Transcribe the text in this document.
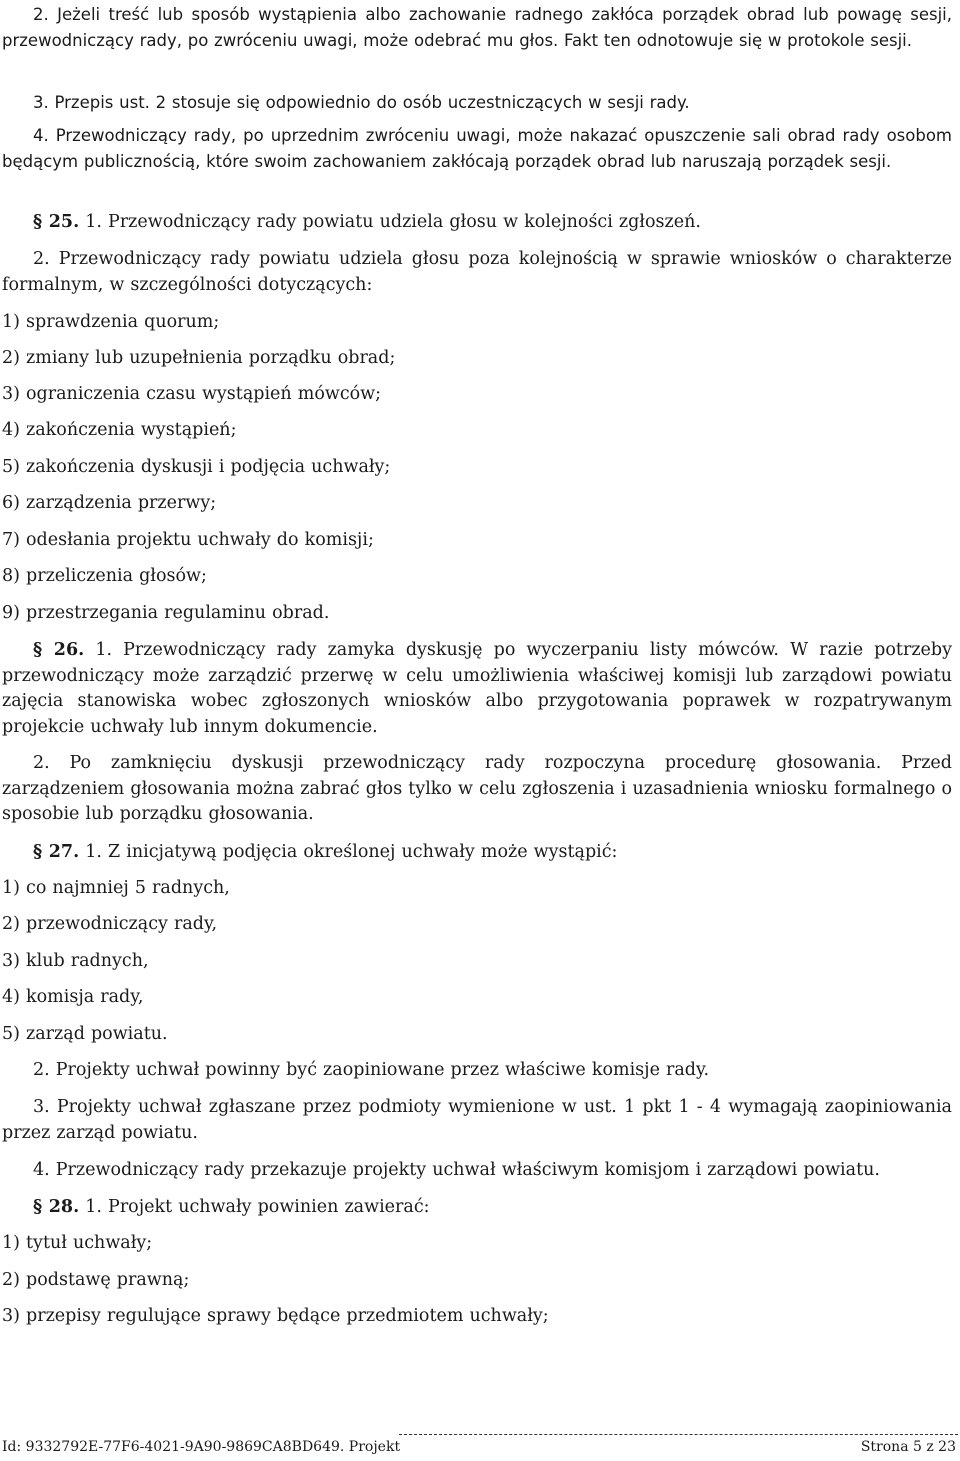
2. Jeżeli treść lub sposób wystąpienia albo zachowanie radnego zakłóca porządek obrad lub powagę sesji, przewodniczący rady, po zwróceniu uwagi, może odebrać mu głos. Fakt ten odnotowuje się w protokole sesji.

3. Przepis ust. 2 stosuje się odpowiednio do osób uczestniczących w sesji rady.

4. Przewodniczący rady, po uprzednim zwróceniu uwagi, może nakazać opuszczenie sali obrad rady osobom będącym publicznością, które swoim zachowaniem zakłócają porządek obrad lub naruszają porządek sesji.

§ 25. 1. Przewodniczący rady powiatu udziela głosu w kolejności zgłoszeń.

2. Przewodniczący rady powiatu udziela głosu poza kolejnością w sprawie wniosków o charakterze formalnym, w szczególności dotyczących:

1) sprawdzenia quorum;

2) zmiany lub uzupełnienia porządku obrad;

3) ograniczenia czasu wystąpień mówców;

4) zakończenia wystąpień;

5) zakończenia dyskusji i podjęcia uchwały;

6) zarządzenia przerwy;

7) odesłania projektu uchwały do komisji;

8) przeliczenia głosów;

9) przestrzegania regulaminu obrad.

§ 26. 1. Przewodniczący rady zamyka dyskusję po wyczerpaniu listy mówców. W razie potrzeby przewodniczący może zarządzić przerwę w celu umożliwienia właściwej komisji lub zarządowi powiatu zajęcia stanowiska wobec zgłoszonych wniosków albo przygotowania poprawek w rozpatrywanym projekcie uchwały lub innym dokumencie.

2. Po zamknięciu dyskusji przewodniczący rady rozpoczyna procedurę głosowania. Przed zarządzeniem głosowania można zabrać głos tylko w celu zgłoszenia i uzasadnienia wniosku formalnego o sposobie lub porządku głosowania.

§ 27. 1. Z inicjatywą podjęcia określonej uchwały może wystąpić:

1) co najmniej 5 radnych,

2) przewodniczący rady,

3) klub radnych,

4) komisja rady,

5) zarząd powiatu.

2. Projekty uchwał powinny być zaopiniowane przez właściwe komisje rady.

3. Projekty uchwał zgłaszane przez podmioty wymienione w ust. 1 pkt 1 - 4 wymagają zaopiniowania przez zarząd powiatu.

4. Przewodniczący rady przekazuje projekty uchwał właściwym komisjom i zarządowi powiatu.

§ 28. 1. Projekt uchwały powinien zawierać:

1) tytuł uchwały;

2) podstawę prawną;

3) przepisy regulujące sprawy będące przedmiotem uchwały;

Id: 9332792E-77F6-4021-9A90-9869CA8BD649. Projekt	Strona 5 z 23
